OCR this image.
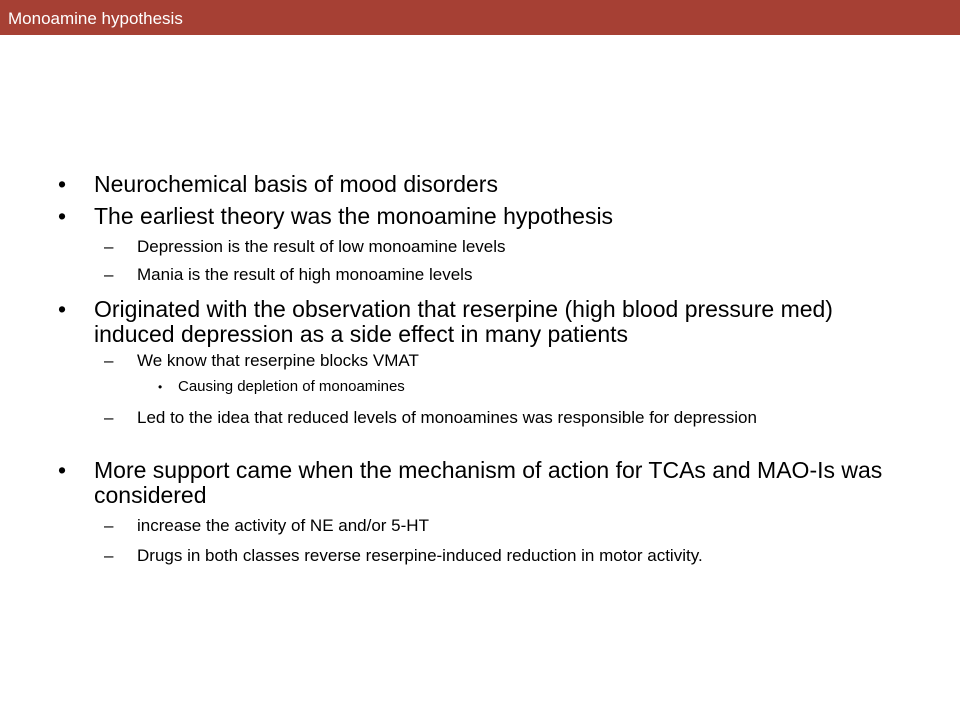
Monoamine hypothesis

• Neurochemical basis of mood disorders

• The earliest theory was the monoamine hypothesis

– Depression is the result of low monoamine levels

– Mania is the result of high monoamine levels

• Originated with the observation that reserpine (high blood pressure med) induced depression as a side effect in many patients

– We know that reserpine blocks VMAT

• Causing depletion of monoamines

– Led to the idea that reduced levels of monoamines was responsible for depression

• More support came when the mechanism of action for TCAs and MAO-Is was considered

– increase the activity of NE and/or 5-HT

– Drugs in both classes reverse reserpine-induced reduction in motor activity.
